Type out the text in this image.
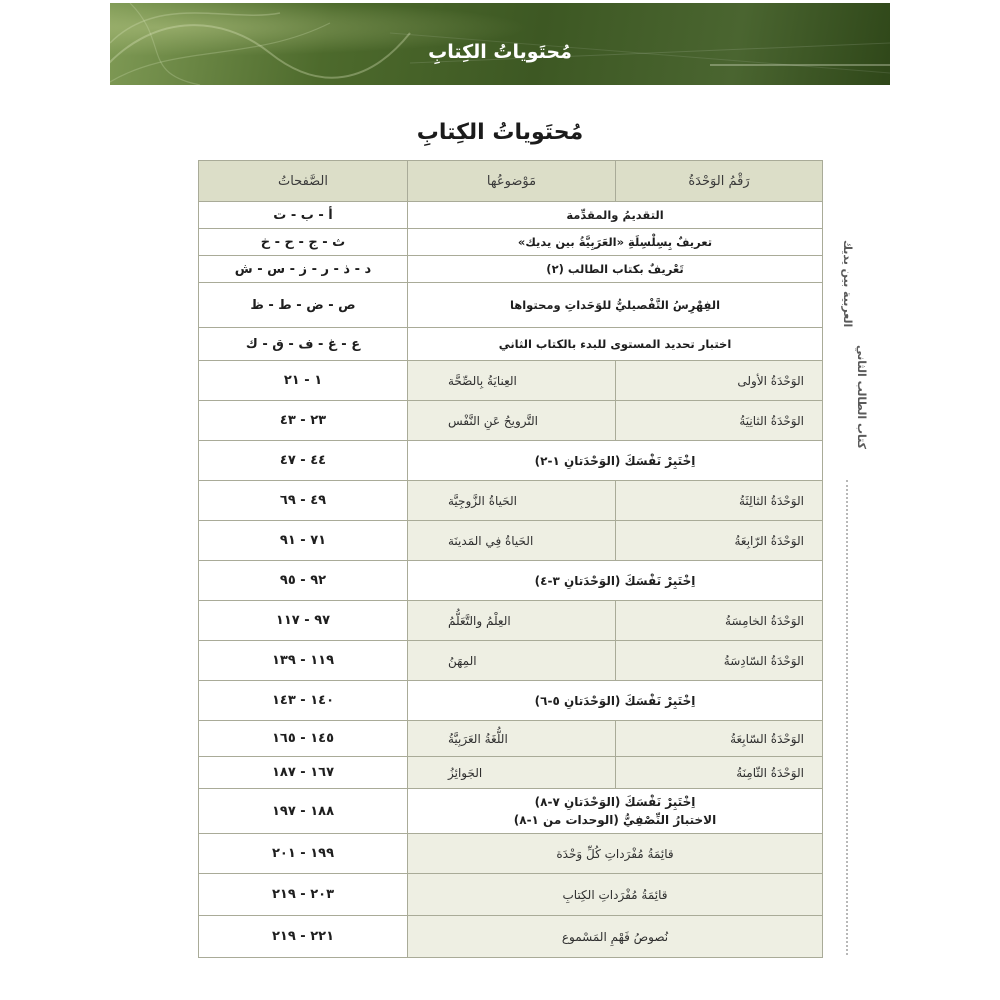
مُحتَوياتُ الكِتابِ
مُحتَوياتُ الكِتابِ
العربية بين يديك
كتاب الطالب الثاني
رَقْمُ الوَحْدَةُ	مَوْضوعُها	الصَّفحاتُ
التقديمُ والمقدِّمة		أ - ب - ت
تعريفٌ بِسِلْسِلَةِ «العَرَبِيَّةُ بين يديك»		ث - ج - ح - خ
تَعْريفٌ بكتاب الطالب (٢)		د - ذ - ر - ز - س - ش
الفِهْرِسُ التَّفْصيليُّ للوَحَداتِ ومحتواها		ص - ض - ط - ظ
اختبار تحديد المستوى للبدء بالكتاب الثاني		ع - غ - ف - ق - ك
الوَحْدَةُ الأولى	العِنايَةُ بِالصِّحَّة	١ - ٢١
الوَحْدَةُ الثانِيَةُ	التَّرويحُ عَنِ النَّفْس	٢٣ - ٤٣
اِخْتَبِرْ نَفْسَكَ (الوَحْدَتانِ ١-٢)		٤٤ - ٤٧
الوَحْدَةُ الثالِثَةُ	الحَياةُ الزَّوجِيَّة	٤٩ - ٦٩
الوَحْدَةُ الرّابِعَةُ	الحَياةُ فِي المَدينَة	٧١ - ٩١
اِخْتَبِرْ نَفْسَكَ (الوَحْدَتانِ ٣-٤)		٩٢ - ٩٥
الوَحْدَةُ الخامِسَةُ	العِلْمُ والتَّعَلُّمُ	٩٧ - ١١٧
الوَحْدَةُ السّادِسَةُ	المِهَنُ	١١٩ - ١٣٩
اِخْتَبِرْ نَفْسَكَ (الوَحْدَتانِ ٥-٦)		١٤٠ - ١٤٣
الوَحْدَةُ السّابِعَةُ	اللُّغَةُ العَرَبِيَّةُ	١٤٥ - ١٦٥
الوَحْدَةُ الثّامِنَةُ	الجَوائِزُ	١٦٧ - ١٨٧
اِخْتَبِرْ نَفْسَكَ (الوَحْدَتانِ ٧-٨)
الاختبارُ النِّصْفِيُّ (الوحدات من ١-٨)		١٨٨ - ١٩٧
قائِمَةُ مُفْرَداتِ كُلِّ وَحْدَة		١٩٩ - ٢٠١
قائِمَةُ مُفْرَداتِ الكِتابِ		٢٠٣ - ٢١٩
نُصوصُ فَهْمِ المَسْموع		٢٢١ - ٢١٩
